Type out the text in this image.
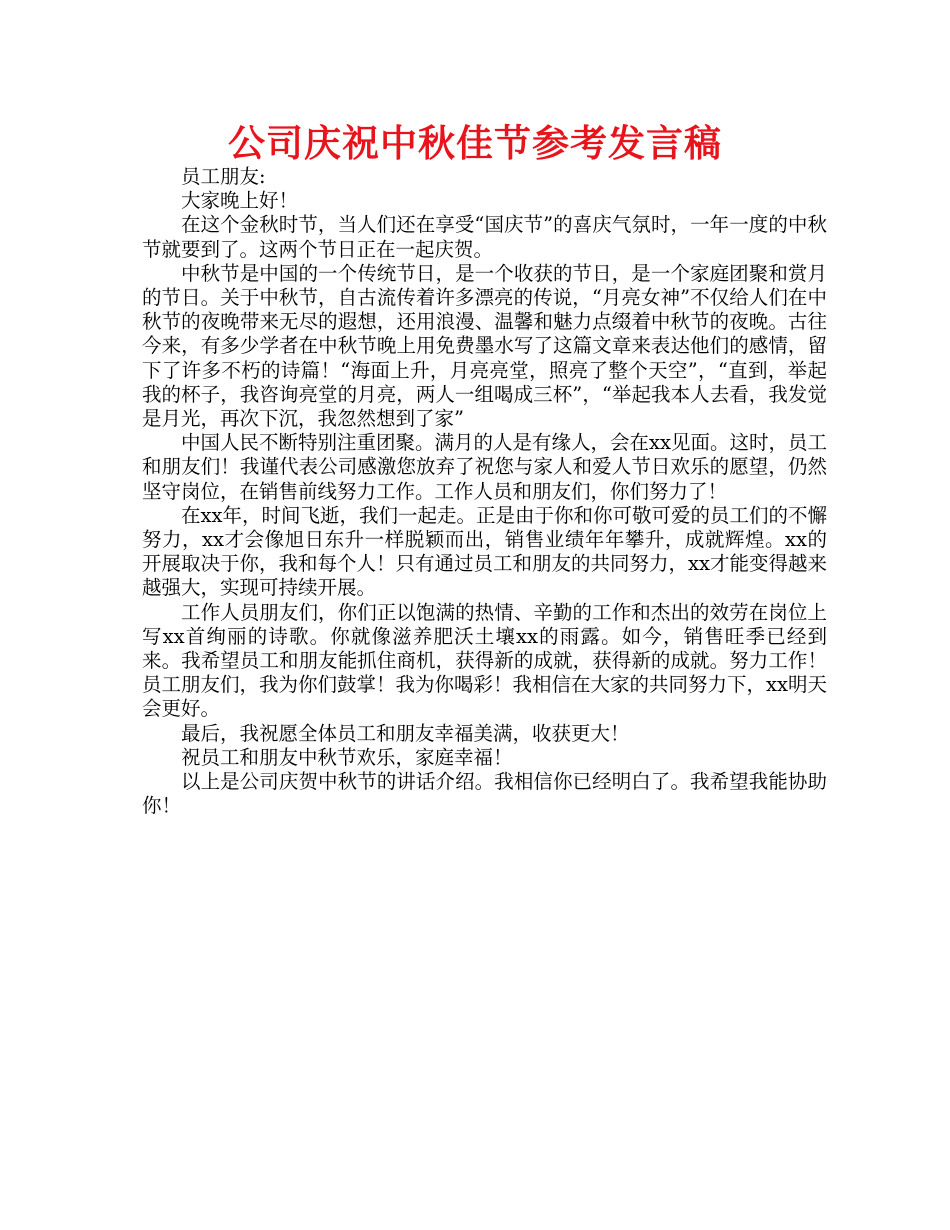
公司庆祝中秋佳节参考发言稿

员工朋友:

大家晚上好！

在这个金秋时节，当人们还在享受“国庆节”的喜庆气氛时，一年一度的中秋节就要到了。这两个节日正在一起庆贺。

中秋节是中国的一个传统节日，是一个收获的节日，是一个家庭团聚和赏月的节日。关于中秋节，自古流传着许多漂亮的传说，“月亮女神”不仅给人们在中秋节的夜晚带来无尽的遐想，还用浪漫、温馨和魅力点缀着中秋节的夜晚。古往今来，有多少学者在中秋节晚上用免费墨水写了这篇文章来表达他们的感情，留下了许多不朽的诗篇！“海面上升，月亮亮堂，照亮了整个天空”，“直到，举起我的杯子，我咨询亮堂的月亮，两人一组喝成三杯”，“举起我本人去看，我发觉是月光，再次下沉，我忽然想到了家”

中国人民不断特别注重团聚。满月的人是有缘人，会在xx见面。这时，员工和朋友们！我谨代表公司感激您放弃了祝您与家人和爱人节日欢乐的愿望，仍然坚守岗位，在销售前线努力工作。工作人员和朋友们，你们努力了！

在xx年，时间飞逝，我们一起走。正是由于你和你可敬可爱的员工们的不懈努力，xx才会像旭日东升一样脱颖而出，销售业绩年年攀升，成就辉煌。xx的开展取决于你，我和每个人！只有通过员工和朋友的共同努力，xx才能变得越来越强大，实现可持续开展。

工作人员朋友们，你们正以饱满的热情、辛勤的工作和杰出的效劳在岗位上写xx首绚丽的诗歌。你就像滋养肥沃土壤xx的雨露。如今，销售旺季已经到来。我希望员工和朋友能抓住商机，获得新的成就，获得新的成就。努力工作！员工朋友们，我为你们鼓掌！我为你喝彩！我相信在大家的共同努力下，xx明天会更好。

最后，我祝愿全体员工和朋友幸福美满，收获更大！

祝员工和朋友中秋节欢乐，家庭幸福！

以上是公司庆贺中秋节的讲话介绍。我相信你已经明白了。我希望我能协助你！
